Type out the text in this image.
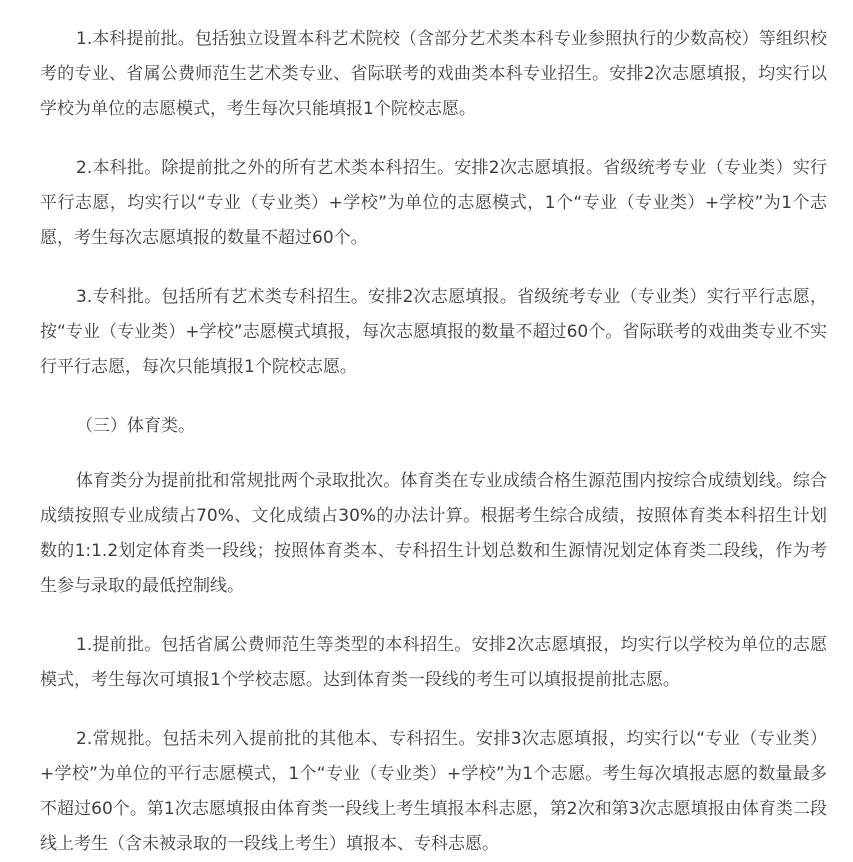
1.本科提前批。包括独立设置本科艺术院校（含部分艺术类本科专业参照执行的少数高校）等组织校考的专业、省属公费师范生艺术类专业、省际联考的戏曲类本科专业招生。安排2次志愿填报，均实行以学校为单位的志愿模式，考生每次只能填报1个院校志愿。

2.本科批。除提前批之外的所有艺术类本科招生。安排2次志愿填报。省级统考专业（专业类）实行平行志愿，均实行以“专业（专业类）+学校”为单位的志愿模式，1个“专业（专业类）+学校”为1个志愿，考生每次志愿填报的数量不超过60个。

3.专科批。包括所有艺术类专科招生。安排2次志愿填报。省级统考专业（专业类）实行平行志愿，按“专业（专业类）+学校”志愿模式填报，每次志愿填报的数量不超过60个。省际联考的戏曲类专业不实行平行志愿，每次只能填报1个院校志愿。

（三）体育类。

体育类分为提前批和常规批两个录取批次。体育类在专业成绩合格生源范围内按综合成绩划线。综合成绩按照专业成绩占70%、文化成绩占30%的办法计算。根据考生综合成绩，按照体育类本科招生计划数的1:1.2划定体育类一段线；按照体育类本、专科招生计划总数和生源情况划定体育类二段线，作为考生参与录取的最低控制线。

1.提前批。包括省属公费师范生等类型的本科招生。安排2次志愿填报，均实行以学校为单位的志愿模式，考生每次可填报1个学校志愿。达到体育类一段线的考生可以填报提前批志愿。

2.常规批。包括未列入提前批的其他本、专科招生。安排3次志愿填报，均实行以“专业（专业类）+学校”为单位的平行志愿模式，1个“专业（专业类）+学校”为1个志愿。考生每次填报志愿的数量最多不超过60个。第1次志愿填报由体育类一段线上考生填报本科志愿，第2次和第3次志愿填报由体育类二段线上考生（含未被录取的一段线上考生）填报本、专科志愿。
